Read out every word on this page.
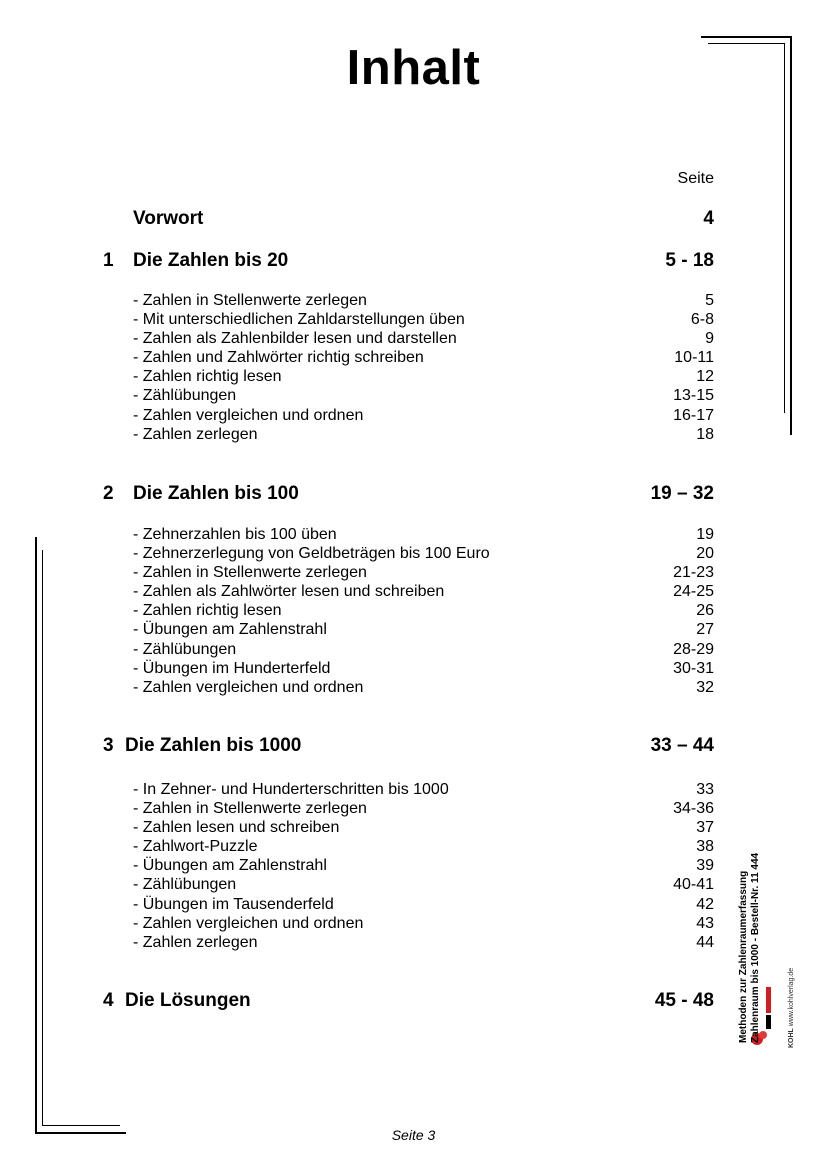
Inhalt
Seite
Vorwort	4
1 Die Zahlen bis 20	5 - 18
- Zahlen in Stellenwerte zerlegen	5
- Mit unterschiedlichen Zahldarstellungen üben	6-8
- Zahlen als Zahlenbilder lesen und darstellen	9
- Zahlen und Zahlwörter richtig schreiben	10-11
- Zahlen richtig lesen	12
- Zählübungen	13-15
- Zahlen vergleichen und ordnen	16-17
- Zahlen zerlegen	18
2 Die Zahlen bis 100	19 – 32
- Zehnerzahlen bis 100 üben	19
- Zehnerzerlegung von Geldbeträgen bis 100 Euro	20
- Zahlen in Stellenwerte zerlegen	21-23
- Zahlen als Zahlwörter lesen und schreiben	24-25
- Zahlen richtig lesen	26
- Übungen am Zahlenstrahl	27
- Zählübungen	28-29
- Übungen im Hunderterfeld	30-31
- Zahlen vergleichen und ordnen	32
3 Die Zahlen bis 1000	33 – 44
- In Zehner- und Hunderterschritten bis 1000	33
- Zahlen in Stellenwerte zerlegen	34-36
- Zahlen lesen und schreiben	37
- Zahlwort-Puzzle	38
- Übungen am Zahlenstrahl	39
- Zählübungen	40-41
- Übungen im Tausenderfeld	42
- Zahlen vergleichen und ordnen	43
- Zahlen zerlegen	44
4 Die Lösungen	45 - 48 Methoden zur Zahlenraumerfassung Zahlenraum bis 1000 - Bestell-Nr. 11 444	KOHL www.kohlverlag.de
Seite 3
